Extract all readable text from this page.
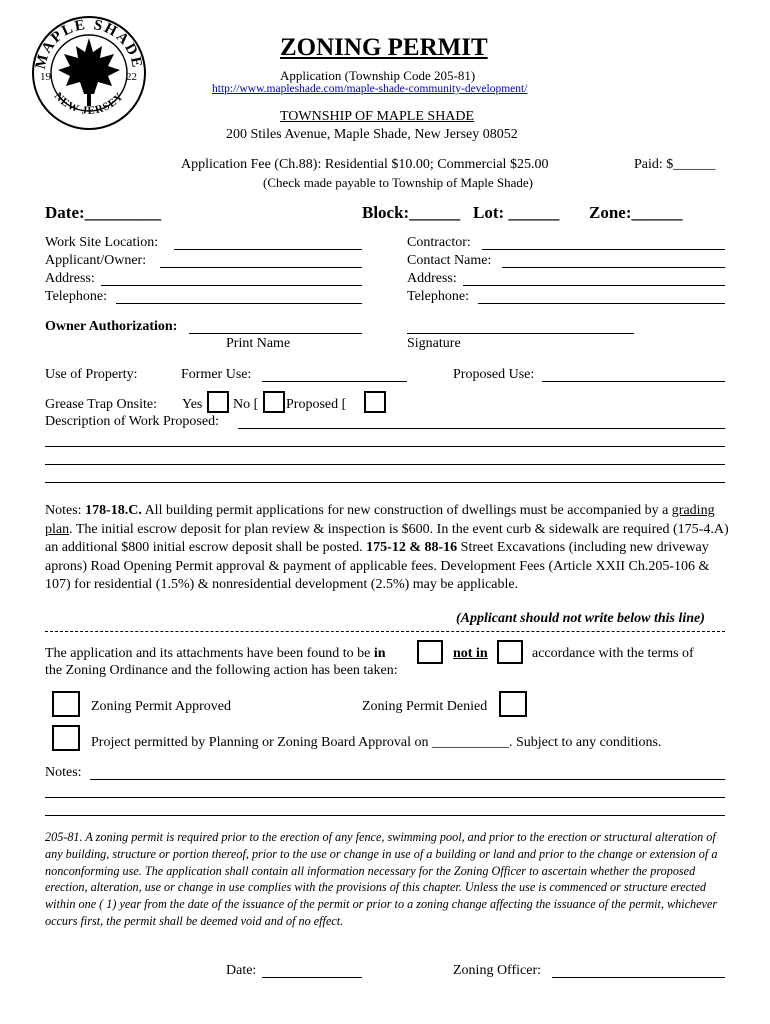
MAPLE SHADE
NEW JERSEY
19	22
ZONING PERMIT
Application (Township Code 205-81)
http://www.mapleshade.com/maple-shade-community-development/
TOWNSHIP OF MAPLE SHADE
200 Stiles Avenue, Maple Shade, New Jersey 08052
Application Fee (Ch.88): Residential $10.00; Commercial $25.00	Paid: $______
(Check made payable to Township of Maple Shade)
Date:_________	Block:______ Lot: ______ Zone:______
Work Site Location:
Applicant/Owner:
Address:
Telephone:
Contractor:
Contact Name:
Address:
Telephone:
Owner Authorization:
Print Name	Signature
Use of Property:	Former Use:	Proposed Use:
Grease Trap Onsite: Yes No [ Proposed [
Description of Work Proposed:
Notes: 178-18.C. All building permit applications for new construction of dwellings must be accompanied by a grading plan. The initial escrow deposit for plan review & inspection is $600. In the event curb & sidewalk are required (175-4.A) an additional $800 initial escrow deposit shall be posted. 175-12 & 88-16 Street Excavations (including new driveway aprons) Road Opening Permit approval & payment of applicable fees. Development Fees (Article XXII Ch.205-106 & 107) for residential (1.5%) & nonresidential development (2.5%) may be applicable.
(Applicant should not write below this line)
The application and its attachments have been found to be in	not in	accordance with the terms of
the Zoning Ordinance and the following action has been taken:
Zoning Permit Approved	Zoning Permit Denied
Project permitted by Planning or Zoning Board Approval on ___________. Subject to any conditions.
Notes:
205-81. A zoning permit is required prior to the erection of any fence, swimming pool, and prior to the erection or structural alteration of any building, structure or portion thereof, prior to the use or change in use of a building or land and prior to the change or extension of a nonconforming use. The application shall contain all information necessary for the Zoning Officer to ascertain whether the proposed erection, alteration, use or change in use complies with the provisions of this chapter. Unless the use is commenced or structure erected within one ( 1) year from the date of the issuance of the permit or prior to a zoning change affecting the issuance of the permit, whichever occurs first, the permit shall be deemed void and of no effect.
Date:	Zoning Officer:
